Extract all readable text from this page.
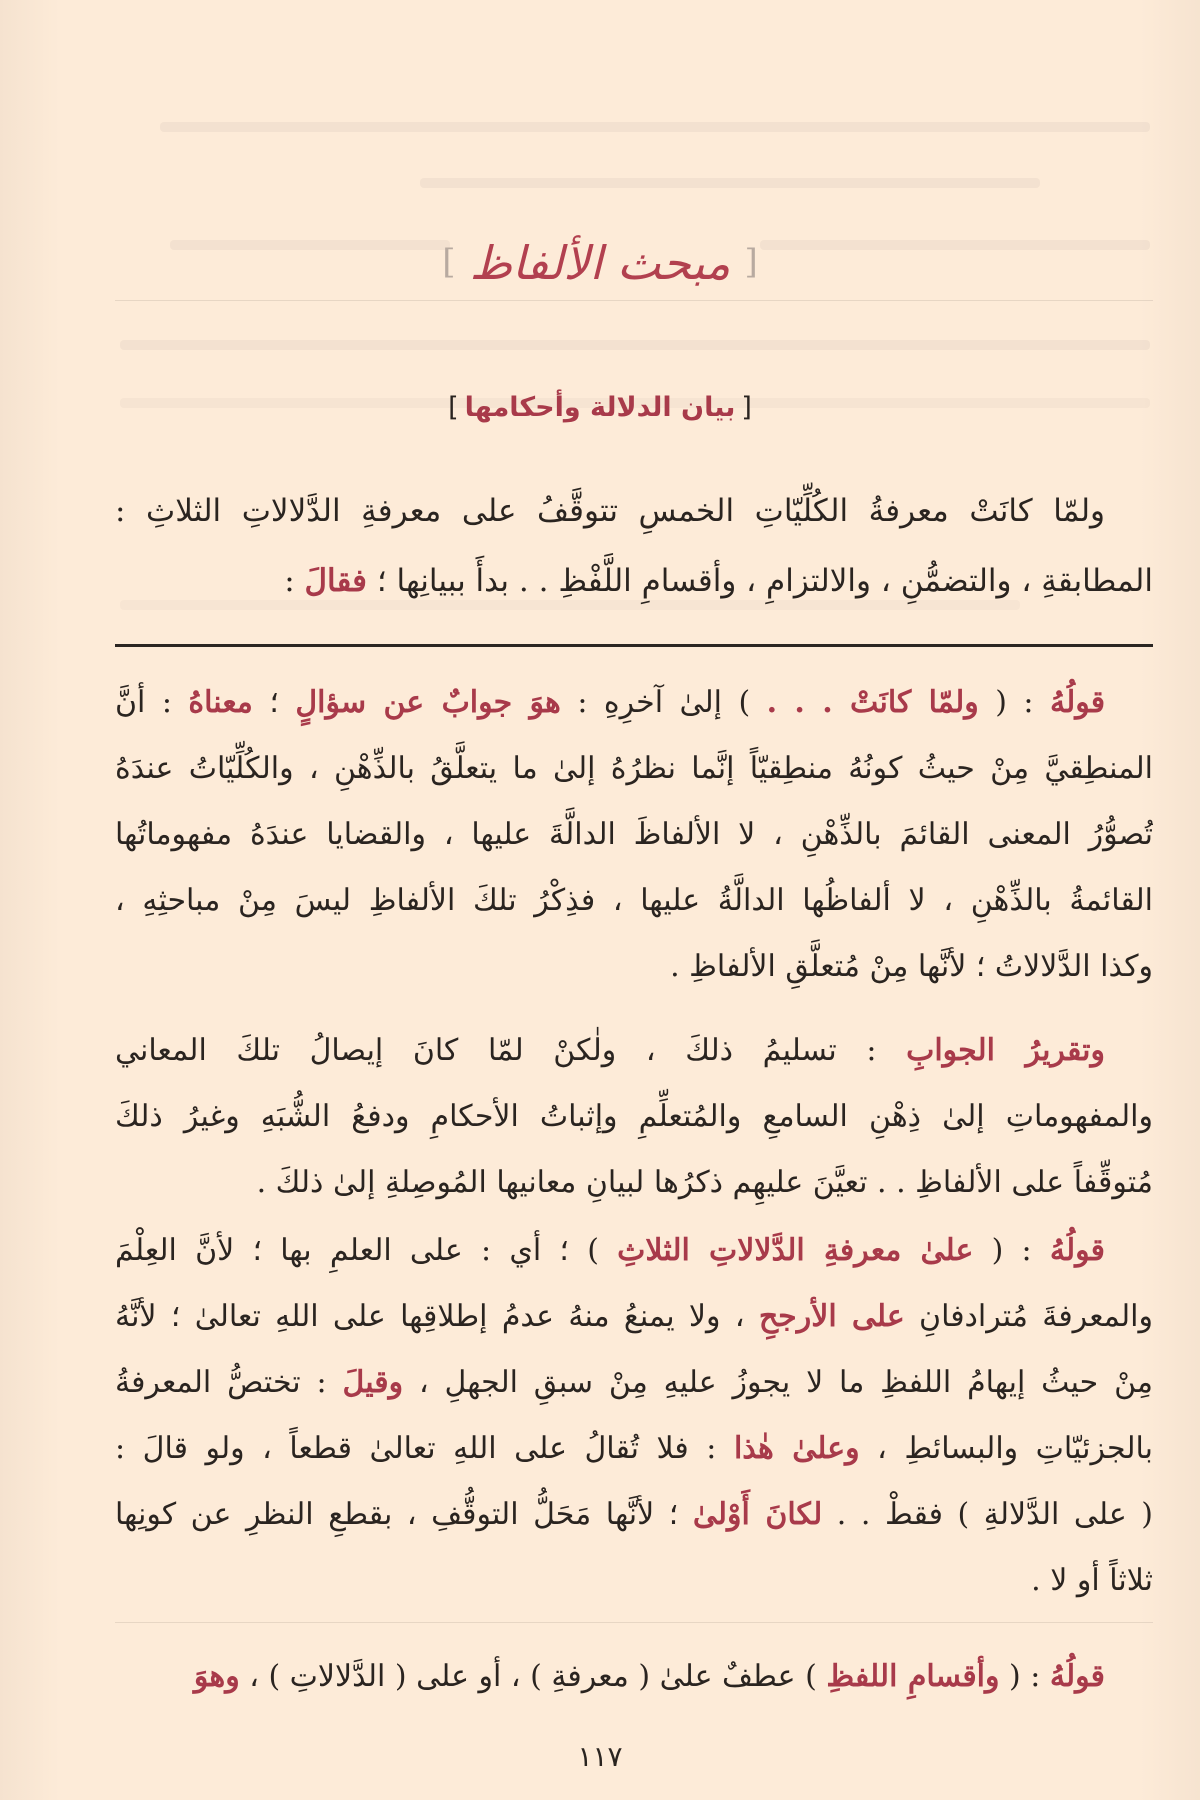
[مبحث الألفاظ]
[بيان الدلالة وأحكامها]
ولمّا كانَتْ معرفةُ الكُلِّيّاتِ الخمسِ تتوقَّفُ على معرفةِ الدَّلالاتِ الثلاثِ :
المطابقةِ ، والتضمُّنِ ، والالتزامِ ، وأقسامِ اللَّفْظِ . . بدأَ ببيانِها ؛ فقالَ :
قولُهُ : ( ولمّا كانَتْ . . . ) إلىٰ آخرِهِ : هوَ جوابٌ عن سؤالٍ ؛ معناهُ : أنَّ
المنطِقيَّ مِنْ حيثُ كونُهُ منطِقيّاً إنَّما نظرُهُ إلىٰ ما يتعلَّقُ بالذِّهْنِ ، والكُلِّيّاتُ عندَهُ
تُصوُّرُ المعنى القائمَ بالذِّهْنِ ، لا الألفاظَ الدالَّةَ عليها ، والقضايا عندَهُ مفهوماتُها
القائمةُ بالذِّهْنِ ، لا ألفاظُها الدالَّةُ عليها ، فذِكْرُ تلكَ الألفاظِ ليسَ مِنْ مباحثِهِ ،
وكذا الدَّلالاتُ ؛ لأنَّها مِنْ مُتعلَّقِ الألفاظِ .
وتقريرُ الجوابِ : تسليمُ ذلكَ ، ولٰكنْ لمّا كانَ إيصالُ تلكَ المعاني
والمفهوماتِ إلىٰ ذِهْنِ السامعِ والمُتعلِّمِ وإثباتُ الأحكامِ ودفعُ الشُّبَهِ وغيرُ ذلكَ
مُتوقِّفاً على الألفاظِ . . تعيَّنَ عليهِم ذكرُها لبيانِ معانيها المُوصِلةِ إلىٰ ذلكَ .
قولُهُ : ( علىٰ معرفةِ الدَّلالاتِ الثلاثِ ) ؛ أي : على العلمِ بها ؛ لأنَّ العِلْمَ
والمعرفةَ مُترادفانِ على الأرجحِ ، ولا يمنعُ منهُ عدمُ إطلاقِها على اللهِ تعالىٰ ؛ لأنَّهُ
مِنْ حيثُ إيهامُ اللفظِ ما لا يجوزُ عليهِ مِنْ سبقِ الجهلِ ، وقيلَ : تختصُّ المعرفةُ
بالجزئيّاتِ والبسائطِ ، وعلىٰ هٰذا : فلا تُقالُ على اللهِ تعالىٰ قطعاً ، ولو قالَ :
( على الدَّلالةِ ) فقطْ . . لكانَ أَوْلىٰ ؛ لأنَّها مَحَلُّ التوقُّفِ ، بقطعِ النظرِ عن كونِها
ثلاثاً أو لا .
قولُهُ : ( وأقسامِ اللفظِ ) عطفٌ علىٰ ( معرفةِ ) ، أو على ( الدَّلالاتِ ) ، وهوَ
١١٧
